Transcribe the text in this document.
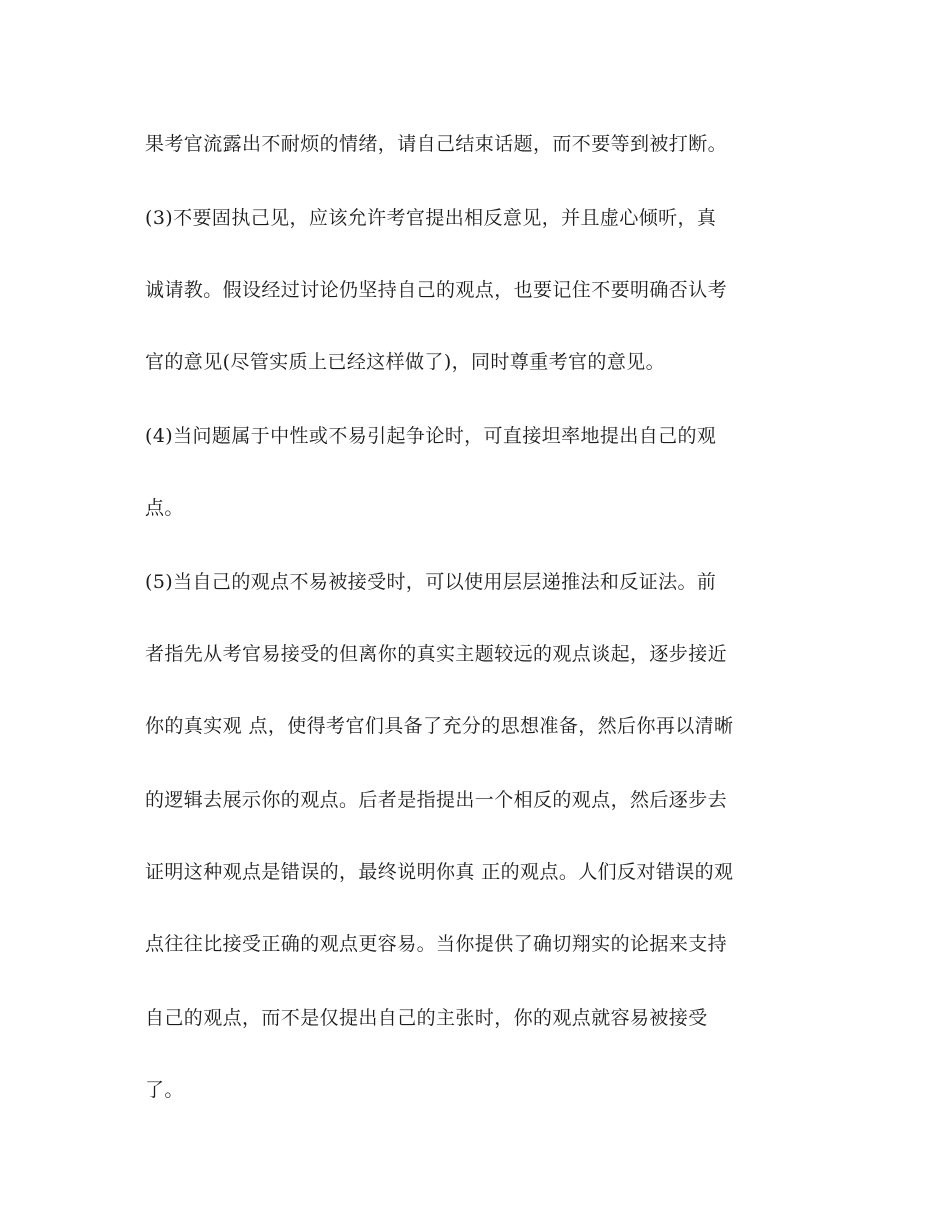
果考官流露出不耐烦的情绪，请自己结束话题，而不要等到被打断。
(3)不要固执己见，应该允许考官提出相反意见，并且虚心倾听，真
诚请教。假设经过讨论仍坚持自己的观点，也要记住不要明确否认考
官的意见(尽管实质上已经这样做了)，同时尊重考官的意见。
(4)当问题属于中性或不易引起争论时，可直接坦率地提出自己的观
点。
(5)当自己的观点不易被接受时，可以使用层层递推法和反证法。前
者指先从考官易接受的但离你的真实主题较远的观点谈起，逐步接近
你的真实观 点，使得考官们具备了充分的思想准备，然后你再以清晰
的逻辑去展示你的观点。后者是指提出一个相反的观点，然后逐步去
证明这种观点是错误的，最终说明你真 正的观点。人们反对错误的观
点往往比接受正确的观点更容易。当你提供了确切翔实的论据来支持
自己的观点，而不是仅提出自己的主张时，你的观点就容易被接受
了。
